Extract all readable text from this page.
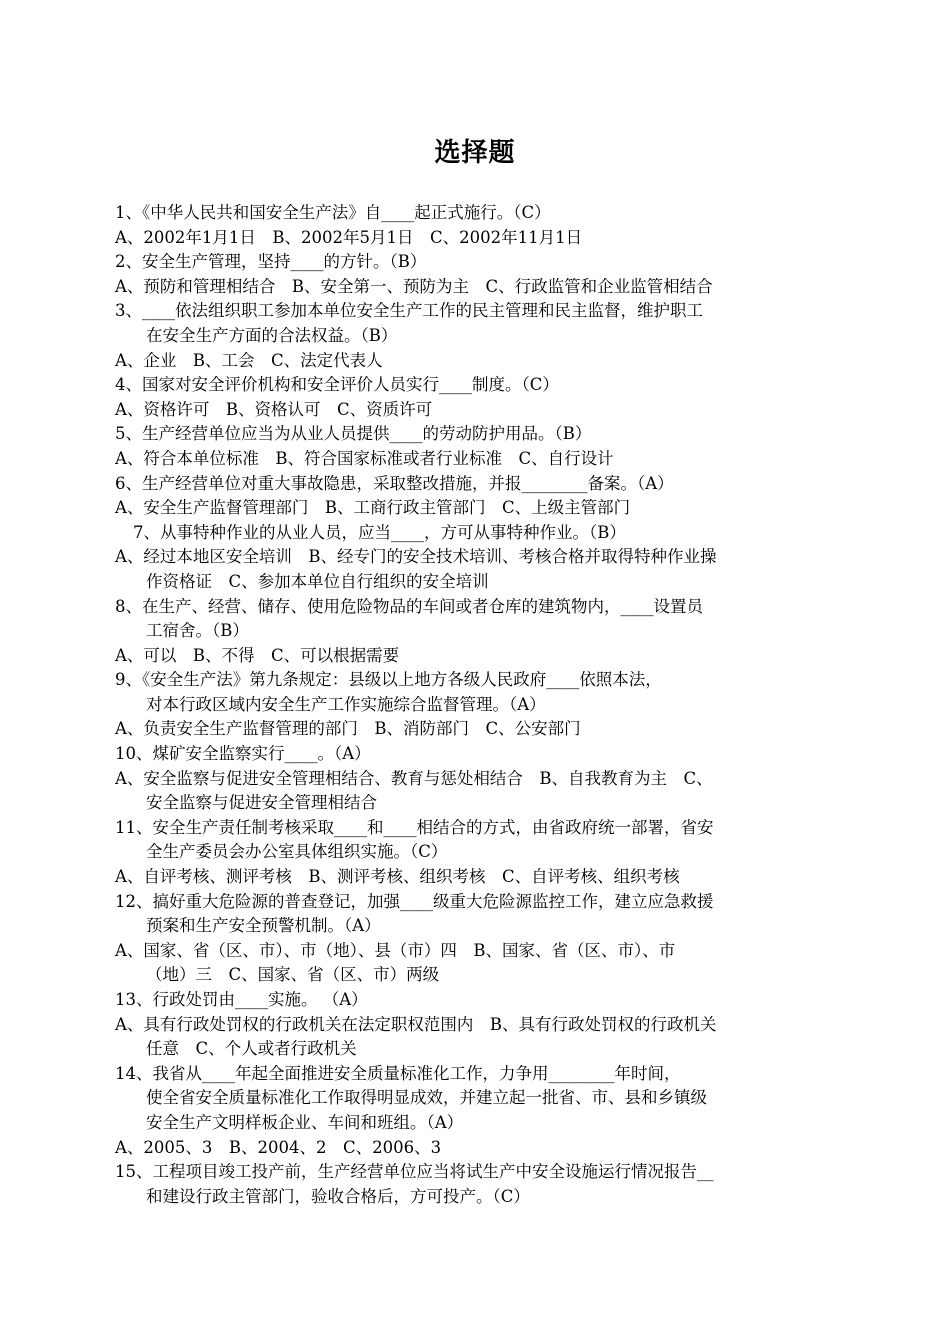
选择题
1、《中华人民共和国安全生产法》自____起正式施行。（C）
A、2002年1月1日　B、2002年5月1日　C、2002年11月1日
2、安全生产管理，坚持____的方针。（B）
A、预防和管理相结合　B、安全第一、预防为主　C、行政监管和企业监管相结合
3、____依法组织职工参加本单位安全生产工作的民主管理和民主监督，维护职工
在安全生产方面的合法权益。（B）
A、企业　B、工会　C、法定代表人
4、国家对安全评价机构和安全评价人员实行____制度。（C）
A、资格许可　B、资格认可　C、资质许可
5、生产经营单位应当为从业人员提供____的劳动防护用品。（B）
A、符合本单位标准　B、符合国家标准或者行业标准　C、自行设计
6、生产经营单位对重大事故隐患，采取整改措施，并报________备案。（A）
A、安全生产监督管理部门　B、工商行政主管部门　C、上级主管部门
7、从事特种作业的从业人员，应当____，方可从事特种作业。（B）
A、经过本地区安全培训　B、经专门的安全技术培训、考核合格并取得特种作业操
作资格证　C、参加本单位自行组织的安全培训
8、在生产、经营、储存、使用危险物品的车间或者仓库的建筑物内，____设置员
工宿舍。（B）
A、可以　B、不得　C、可以根据需要
9、《安全生产法》第九条规定：县级以上地方各级人民政府____依照本法，
对本行政区域内安全生产工作实施综合监督管理。（A）
A、负责安全生产监督管理的部门　B、消防部门　C、公安部门
10、煤矿安全监察实行____。（A）
A、安全监察与促进安全管理相结合、教育与惩处相结合　B、自我教育为主　C、
安全监察与促进安全管理相结合
11、安全生产责任制考核采取____和____相结合的方式，由省政府统一部署，省安
全生产委员会办公室具体组织实施。（C）
A、自评考核、测评考核　B、测评考核、组织考核　C、自评考核、组织考核
12、搞好重大危险源的普查登记，加强____级重大危险源监控工作，建立应急救援
预案和生产安全预警机制。（A）
A、国家、省（区、市）、市（地）、县（市）四　B、国家、省（区、市）、市
（地）三　C、国家、省（区、市）两级
13、行政处罚由____实施。 （A）
A、具有行政处罚权的行政机关在法定职权范围内　B、具有行政处罚权的行政机关
任意　C、个人或者行政机关
14、我省从____年起全面推进安全质量标准化工作，力争用________年时间，
使全省安全质量标准化工作取得明显成效，并建立起一批省、市、县和乡镇级
安全生产文明样板企业、车间和班组。（A）
A、2005、3　B、2004、2　C、2006、3
15、工程项目竣工投产前，生产经营单位应当将试生产中安全设施运行情况报告__
和建设行政主管部门，验收合格后，方可投产。（C）
